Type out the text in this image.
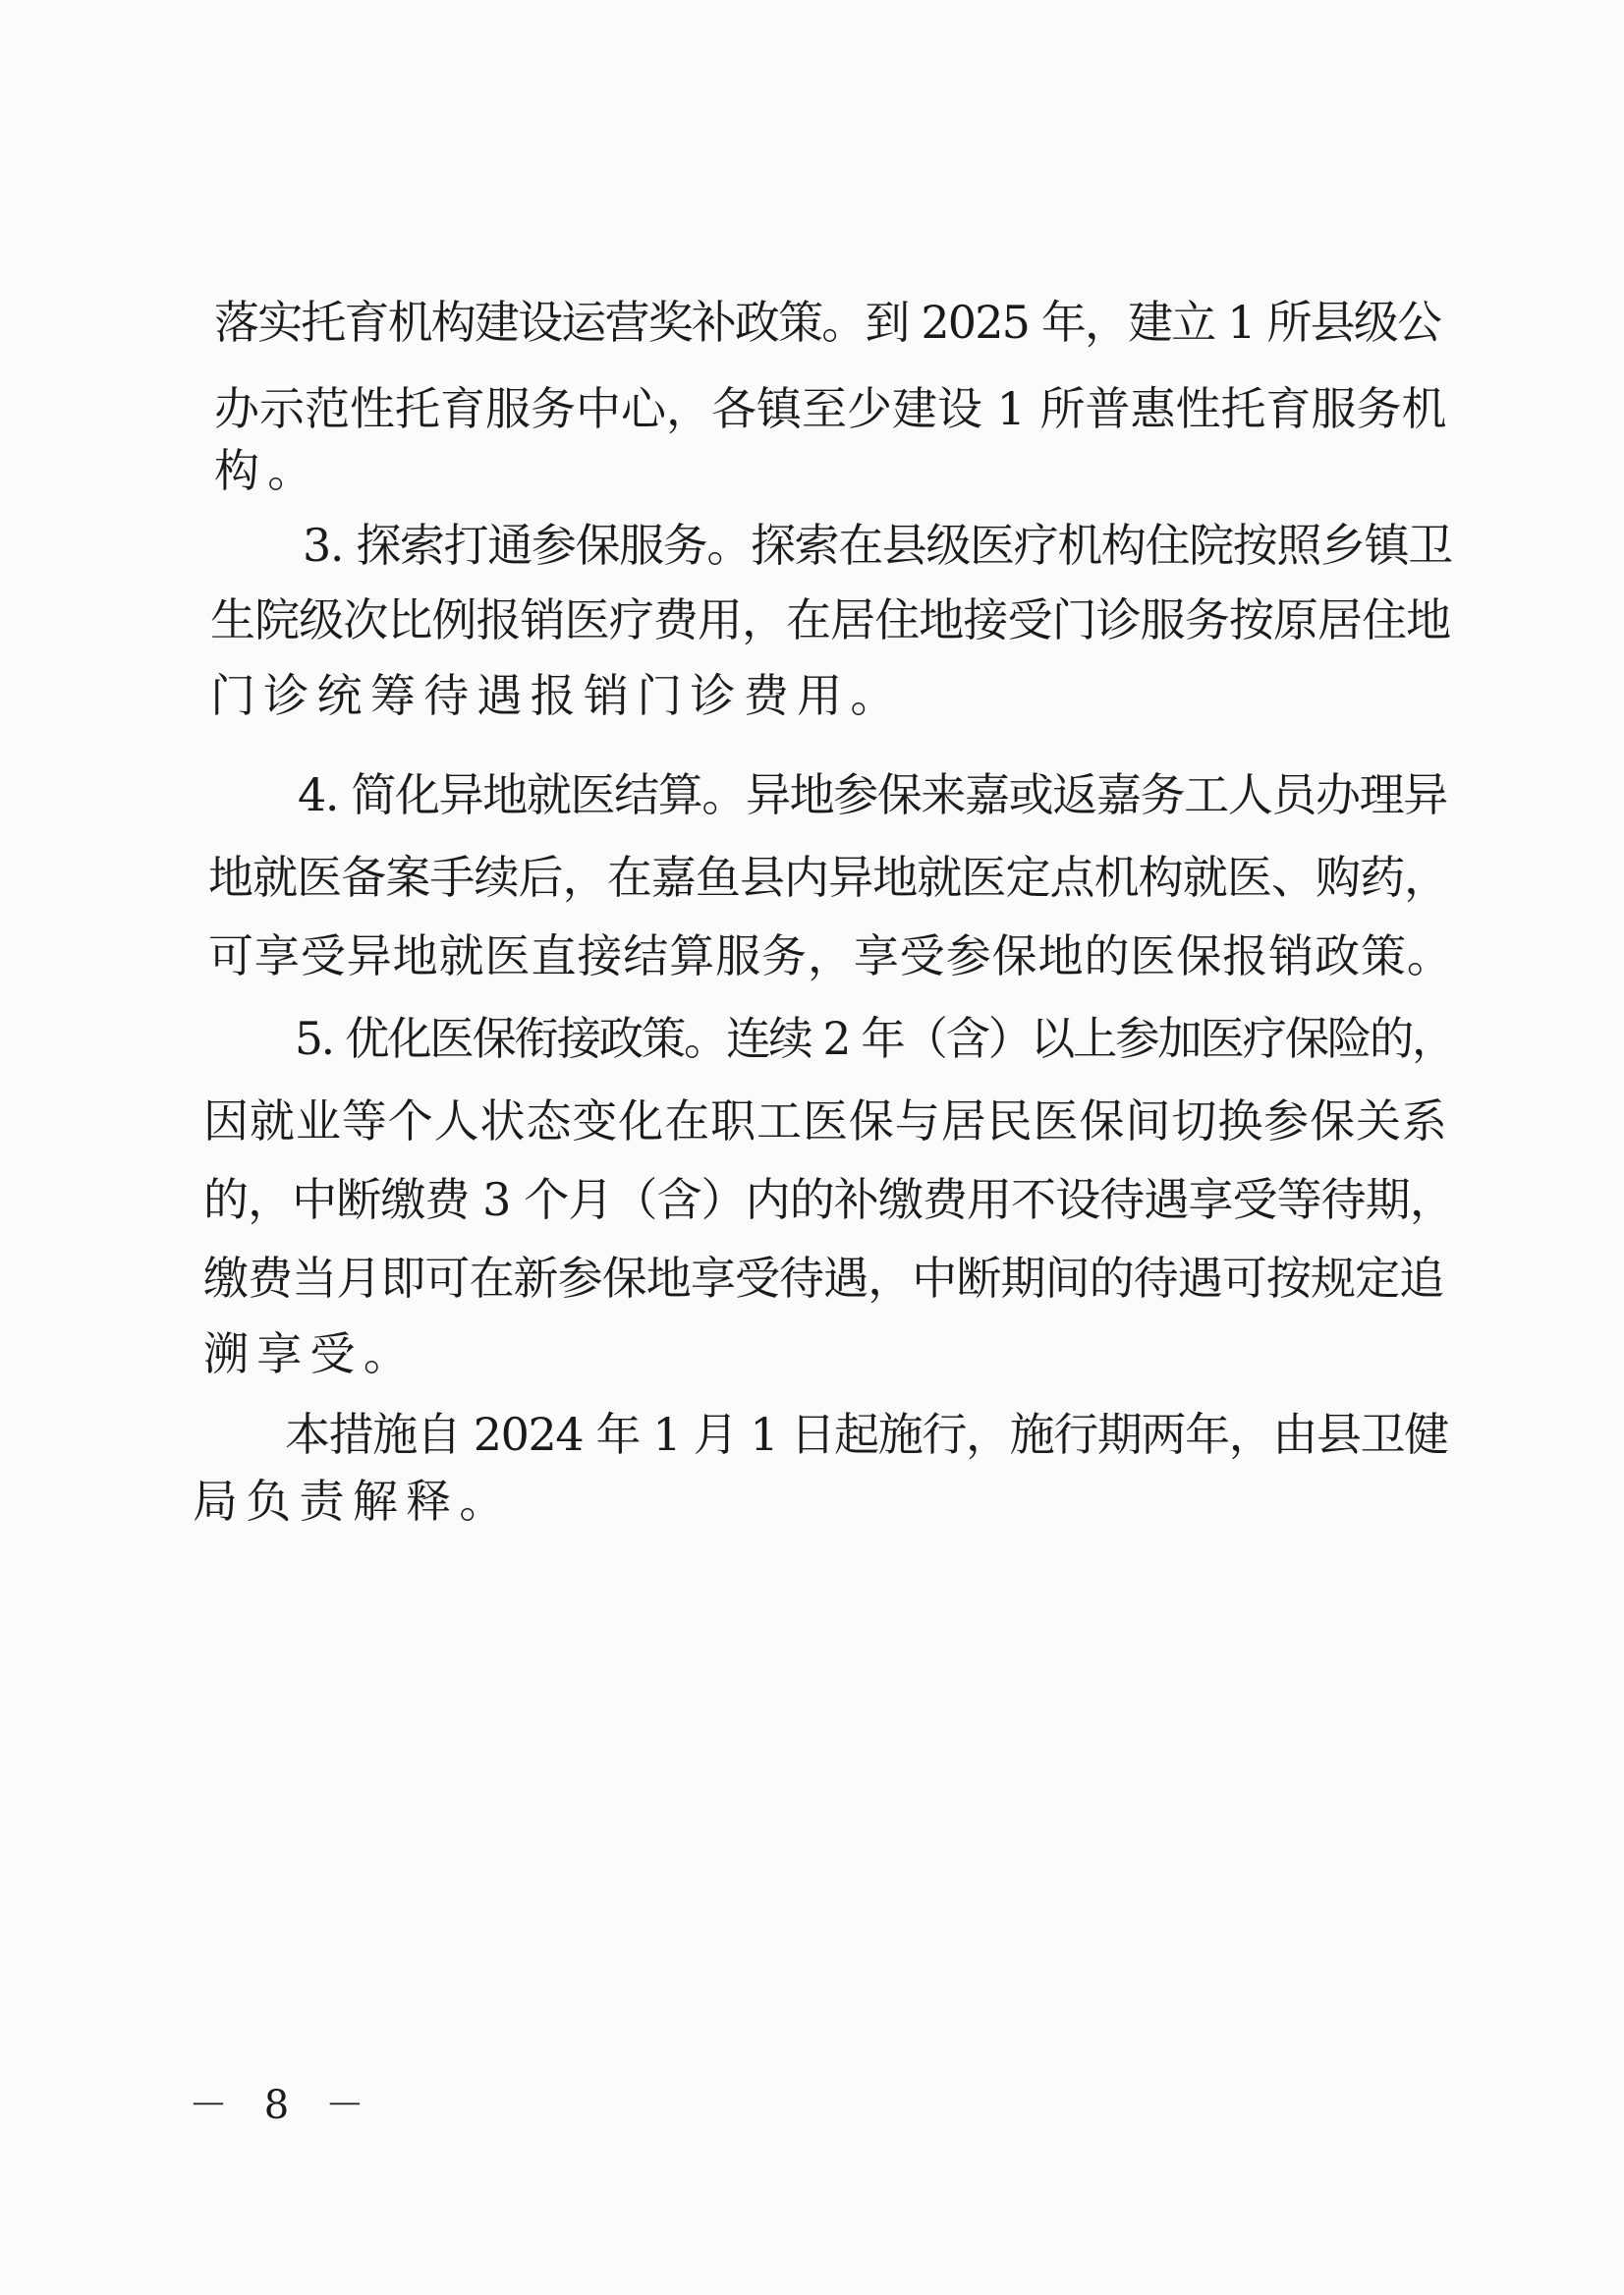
落实托育机构建设运营奖补政策。到 2025 年，建立 1 所县级公
办示范性托育服务中心，各镇至少建设 1 所普惠性托育服务机
构。
3. 探索打通参保服务。探索在县级医疗机构住院按照乡镇卫
生院级次比例报销医疗费用，在居住地接受门诊服务按原居住地
门诊统筹待遇报销门诊费用。
4. 简化异地就医结算。异地参保来嘉或返嘉务工人员办理异
地就医备案手续后，在嘉鱼县内异地就医定点机构就医、购药，
可享受异地就医直接结算服务，享受参保地的医保报销政策。
5. 优化医保衔接政策。连续 2 年（含）以上参加医疗保险的，
因就业等个人状态变化在职工医保与居民医保间切换参保关系
的，中断缴费 3 个月（含）内的补缴费用不设待遇享受等待期，
缴费当月即可在新参保地享受待遇，中断期间的待遇可按规定追
溯享受。
本措施自 2024 年 1 月 1 日起施行，施行期两年，由县卫健
局负责解释。
－ 8 －
